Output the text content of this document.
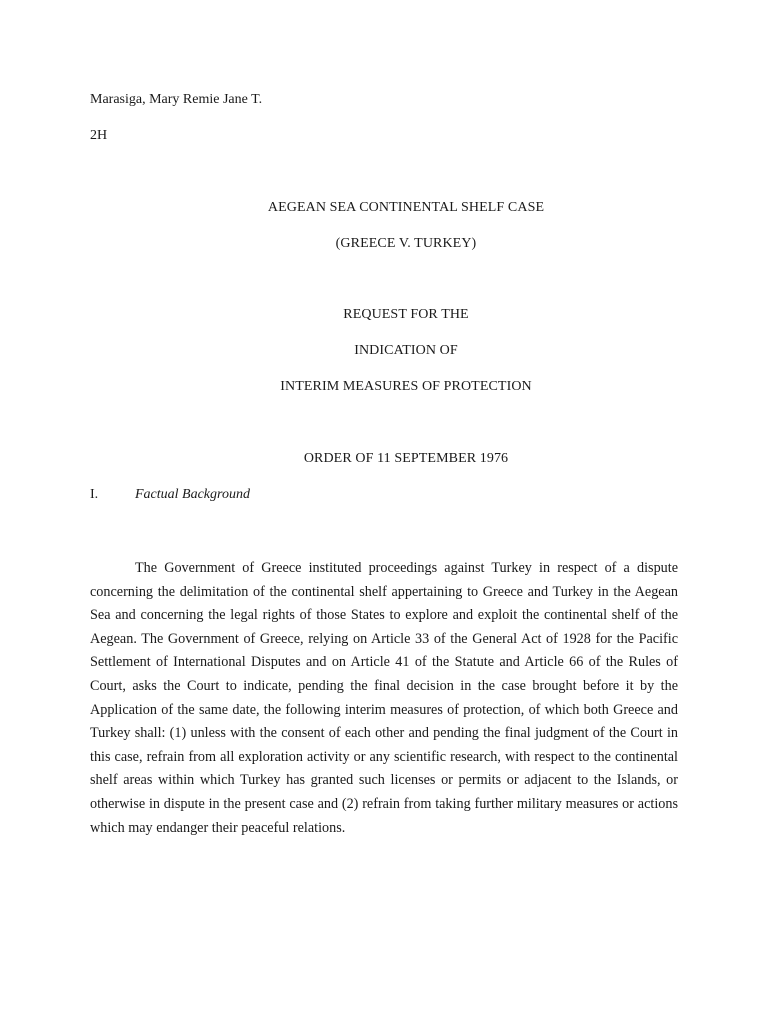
Marasiga, Mary Remie Jane T.
2H
AEGEAN SEA CONTINENTAL SHELF CASE
(GREECE V. TURKEY)
REQUEST FOR THE
INDICATION OF
INTERIM MEASURES OF PROTECTION
ORDER OF 11 SEPTEMBER 1976
I.	Factual Background

The Government of Greece instituted proceedings against Turkey in respect of a dispute concerning the delimitation of the continental shelf appertaining to Greece and Turkey in the Aegean Sea and concerning the legal rights of those States to explore and exploit the continental shelf of the Aegean. The Government of Greece, relying on Article 33 of the General Act of 1928 for the Pacific Settlement of International Disputes and on Article 41 of the Statute and Article 66 of the Rules of Court, asks the Court to indicate, pending the final decision in the case brought before it by the Application of the same date, the following interim measures of protection, of which both Greece and Turkey shall: (1) unless with the consent of each other and pending the final judgment of the Court in this case, refrain from all exploration activity or any scientific research, with respect to the continental shelf areas within which Turkey has granted such licenses or permits or adjacent to the Islands, or otherwise in dispute in the present case and (2) refrain from taking further military measures or actions which may endanger their peaceful relations.
